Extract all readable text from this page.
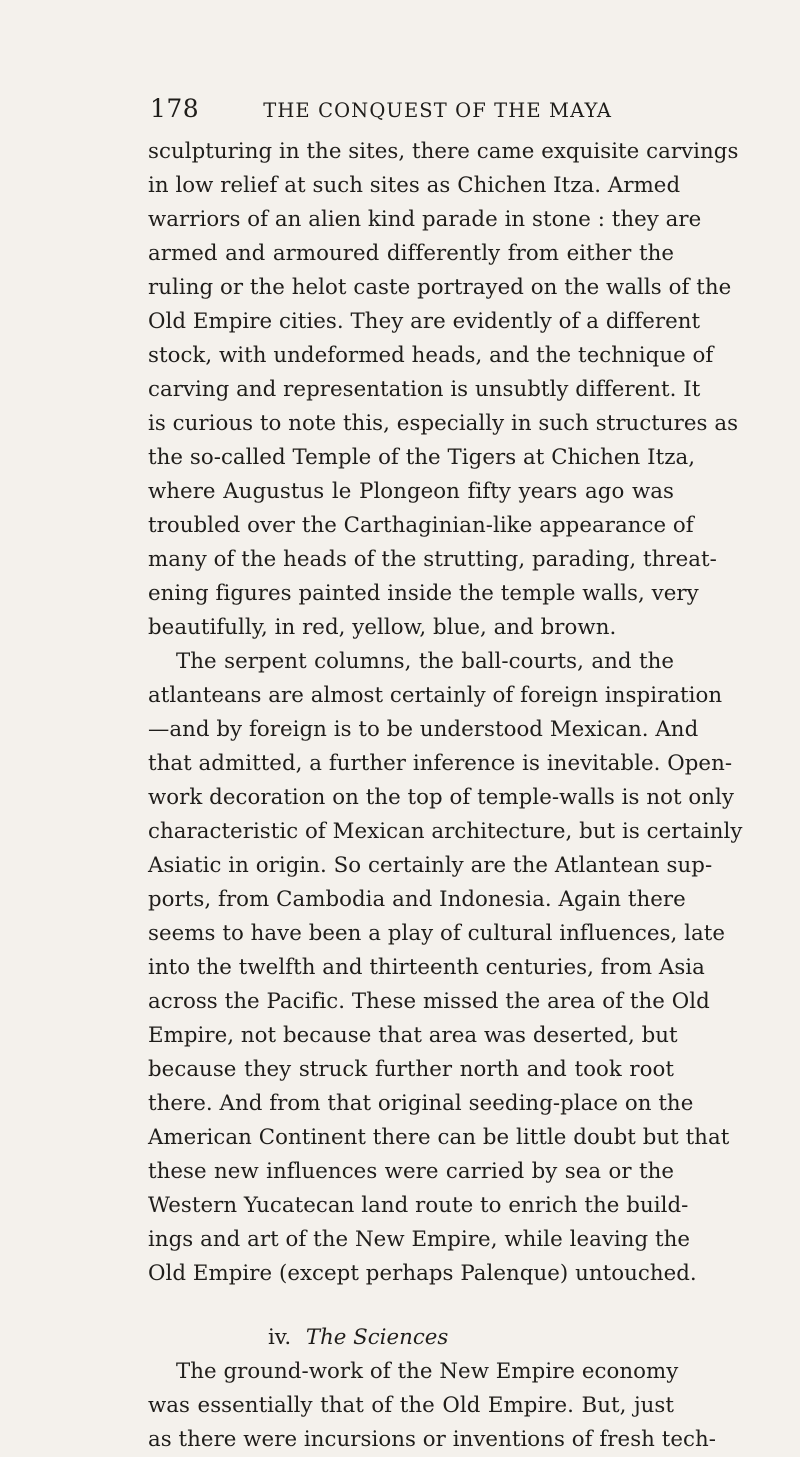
178	THE CONQUEST OF THE MAYA
sculpturing in the sites, there came exquisite carvings
in low relief at such sites as Chichen Itza. Armed
warriors of an alien kind parade in stone : they are
armed and armoured differently from either the
ruling or the helot caste portrayed on the walls of the
Old Empire cities. They are evidently of a different
stock, with undeformed heads, and the technique of
carving and representation is unsubtly different. It
is curious to note this, especially in such structures as
the so-called Temple of the Tigers at Chichen Itza,
where Augustus le Plongeon fifty years ago was
troubled over the Carthaginian-like appearance of
many of the heads of the strutting, parading, threat-
ening figures painted inside the temple walls, very
beautifully, in red, yellow, blue, and brown.
The serpent columns, the ball-courts, and the
atlanteans are almost certainly of foreign inspiration
—and by foreign is to be understood Mexican. And
that admitted, a further inference is inevitable. Open-
work decoration on the top of temple-walls is not only
characteristic of Mexican architecture, but is certainly
Asiatic in origin. So certainly are the Atlantean sup-
ports, from Cambodia and Indonesia. Again there
seems to have been a play of cultural influences, late
into the twelfth and thirteenth centuries, from Asia
across the Pacific. These missed the area of the Old
Empire, not because that area was deserted, but
because they struck further north and took root
there. And from that original seeding-place on the
American Continent there can be little doubt but that
these new influences were carried by sea or the
Western Yucatecan land route to enrich the build-
ings and art of the New Empire, while leaving the
Old Empire (except perhaps Palenque) untouched.
iv. The Sciences
The ground-work of the New Empire economy
was essentially that of the Old Empire. But, just
as there were incursions or inventions of fresh tech-
